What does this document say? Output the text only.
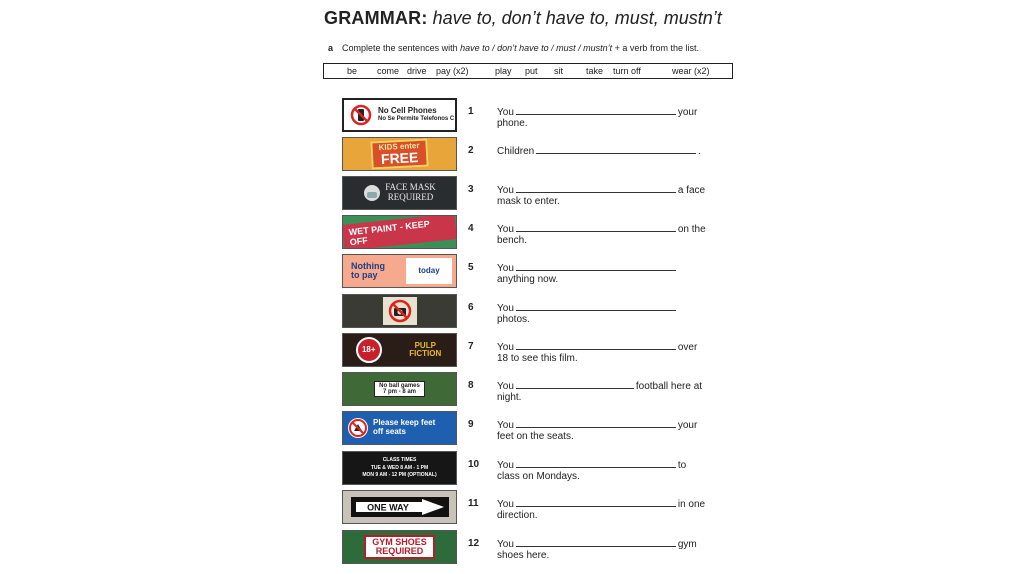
GRAMMAR: have to, don’t have to, must, mustn’t
a Complete the sentences with have to / don’t have to / must / mustn’t + a verb from the list.
be come drive pay (x2)	play put sit	take turn off	wear (x2)
No Cell Phones
No Se Permite Telefonos C
1	You	your
phone.
KIDS enter
FREE	2	Children	.

FACE MASK
REQUIRED
3	You	a face
mask to enter.
WET PAINT - KEEP OFF
4	You	on the
bench.
Nothing to pay	today	5	You
anything now.
6	You
photos.
18+	PULP FICTION
7	You	over
18 to see this film.
No ball games
7 pm - 8 am
8	You	football here at
night.
Please keep feet
off seats
9	You	your
feet on the seats.
CLASS TIMES
TUE & WED 8 AM - 1 PM
MON 9 AM - 12 PM (OPTIONAL)
10 You	to
class on Mondays.
ONE WAY	11	You	in one
direction.
GYM SHOES
REQUIRED
12 You	gym
shoes here.
